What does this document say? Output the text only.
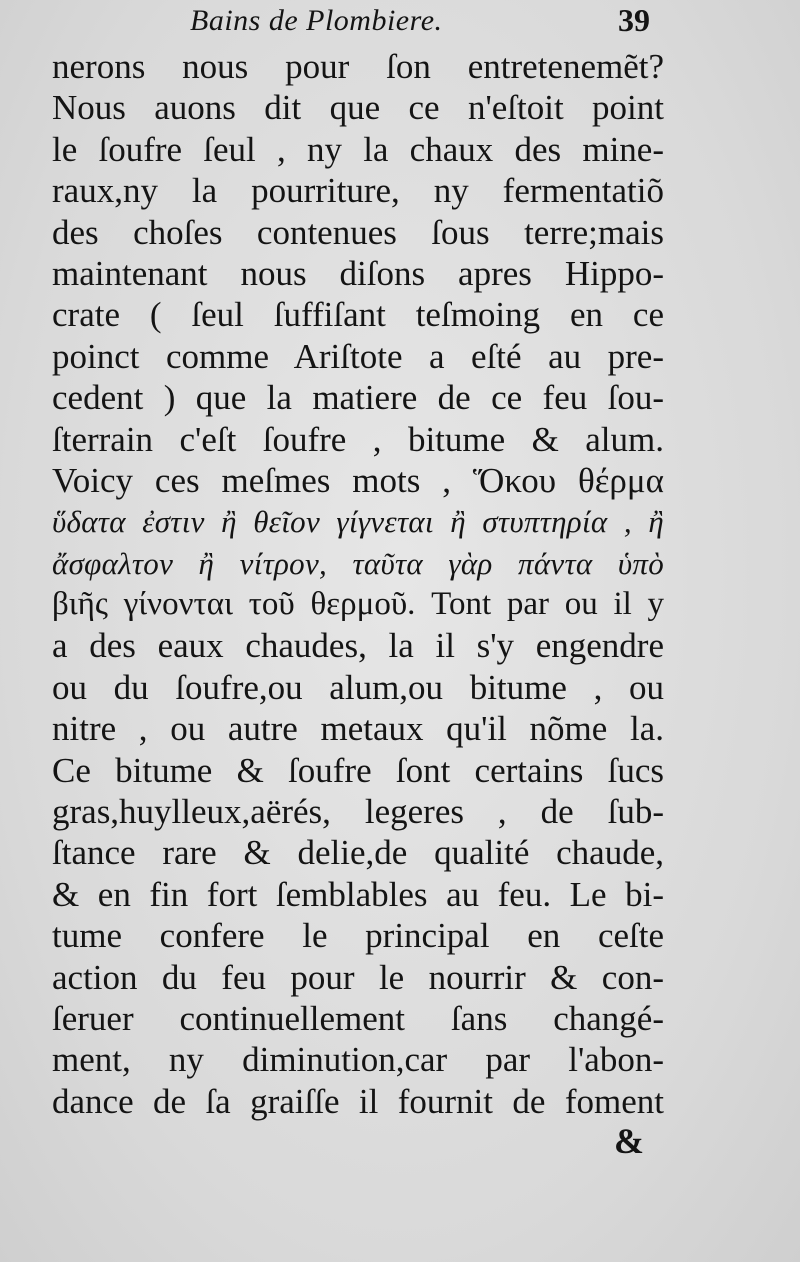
Bains de Plombiere.	39
nerons nous pour ſon entretenemẽt?
Nous auons dit que ce n'eſtoit point
le ſoufre ſeul , ny la chaux des mine-
raux,ny la pourriture, ny fermentatiõ
des choſes contenues ſous terre;mais
maintenant nous diſons apres Hippo-
crate ( ſeul ſuffiſant teſmoing en ce
poinct comme Ariſtote a eſté au pre-
cedent ) que la matiere de ce feu ſou-
ſterrain c'eſt ſoufre , bitume & alum.
Voicy ces meſmes mots , Ὅκου θέρμα
ὕδατα ἐστιν ἢ θεῖον γίγνεται ἢ στυπτηρία , ἢ
ἄσφαλτον ἢ νίτρον, ταῦτα γὰρ πάντα ὑπὸ
βιῆς γίνονται τοῦ θερμοῦ. Tont par ou il y
a des eaux chaudes, la il s'y engendre
ou du ſoufre,ou alum,ou bitume , ou
nitre , ou autre metaux qu'il nõme la.
Ce bitume & ſoufre ſont certains ſucs
gras,huylleux,aërés, legeres , de ſub-
ſtance rare & delie,de qualité chaude,
& en fin fort ſemblables au feu. Le bi-
tume confere le principal en ceſte
action du feu pour le nourrir & con-
ſeruer continuellement ſans changé-
ment, ny diminution,car par l'abon-
dance de ſa graiſſe il fournit de foment
&
